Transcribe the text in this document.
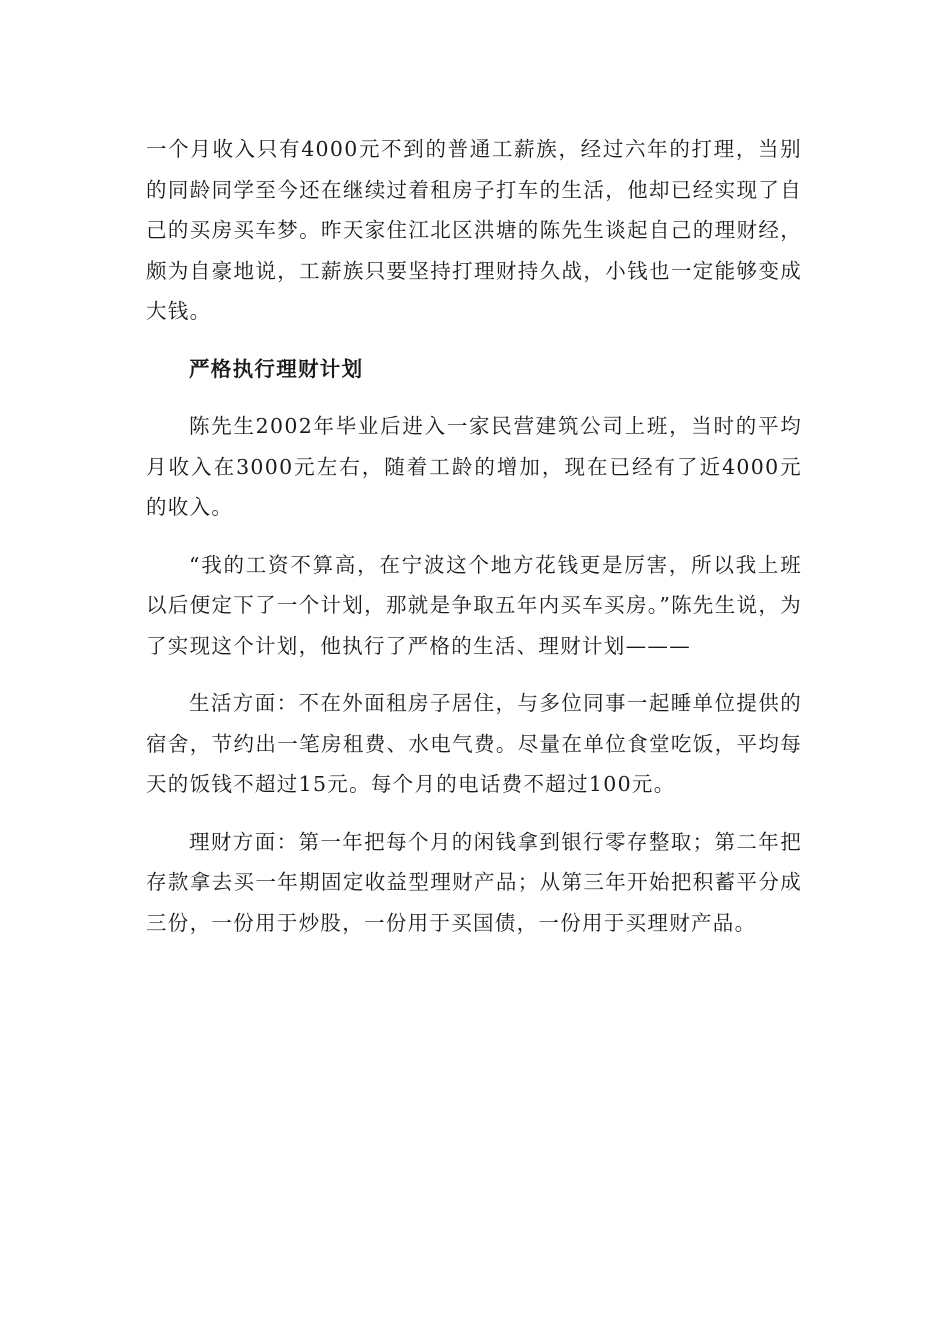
一个月收入只有4000元不到的普通工薪族，经过六年的打理，当别的同龄同学至今还在继续过着租房子打车的生活，他却已经实现了自己的买房买车梦。昨天家住江北区洪塘的陈先生谈起自己的理财经，颇为自豪地说，工薪族只要坚持打理财持久战，小钱也一定能够变成大钱。

严格执行理财计划

陈先生2002年毕业后进入一家民营建筑公司上班，当时的平均月收入在3000元左右，随着工龄的增加，现在已经有了近4000元的收入。

“我的工资不算高，在宁波这个地方花钱更是厉害，所以我上班以后便定下了一个计划，那就是争取五年内买车买房。”陈先生说，为了实现这个计划，他执行了严格的生活、理财计划———

生活方面：不在外面租房子居住，与多位同事一起睡单位提供的宿舍，节约出一笔房租费、水电气费。尽量在单位食堂吃饭，平均每天的饭钱不超过15元。每个月的电话费不超过100元。

理财方面：第一年把每个月的闲钱拿到银行零存整取；第二年把存款拿去买一年期固定收益型理财产品；从第三年开始把积蓄平分成三份，一份用于炒股，一份用于买国债，一份用于买理财产品。
